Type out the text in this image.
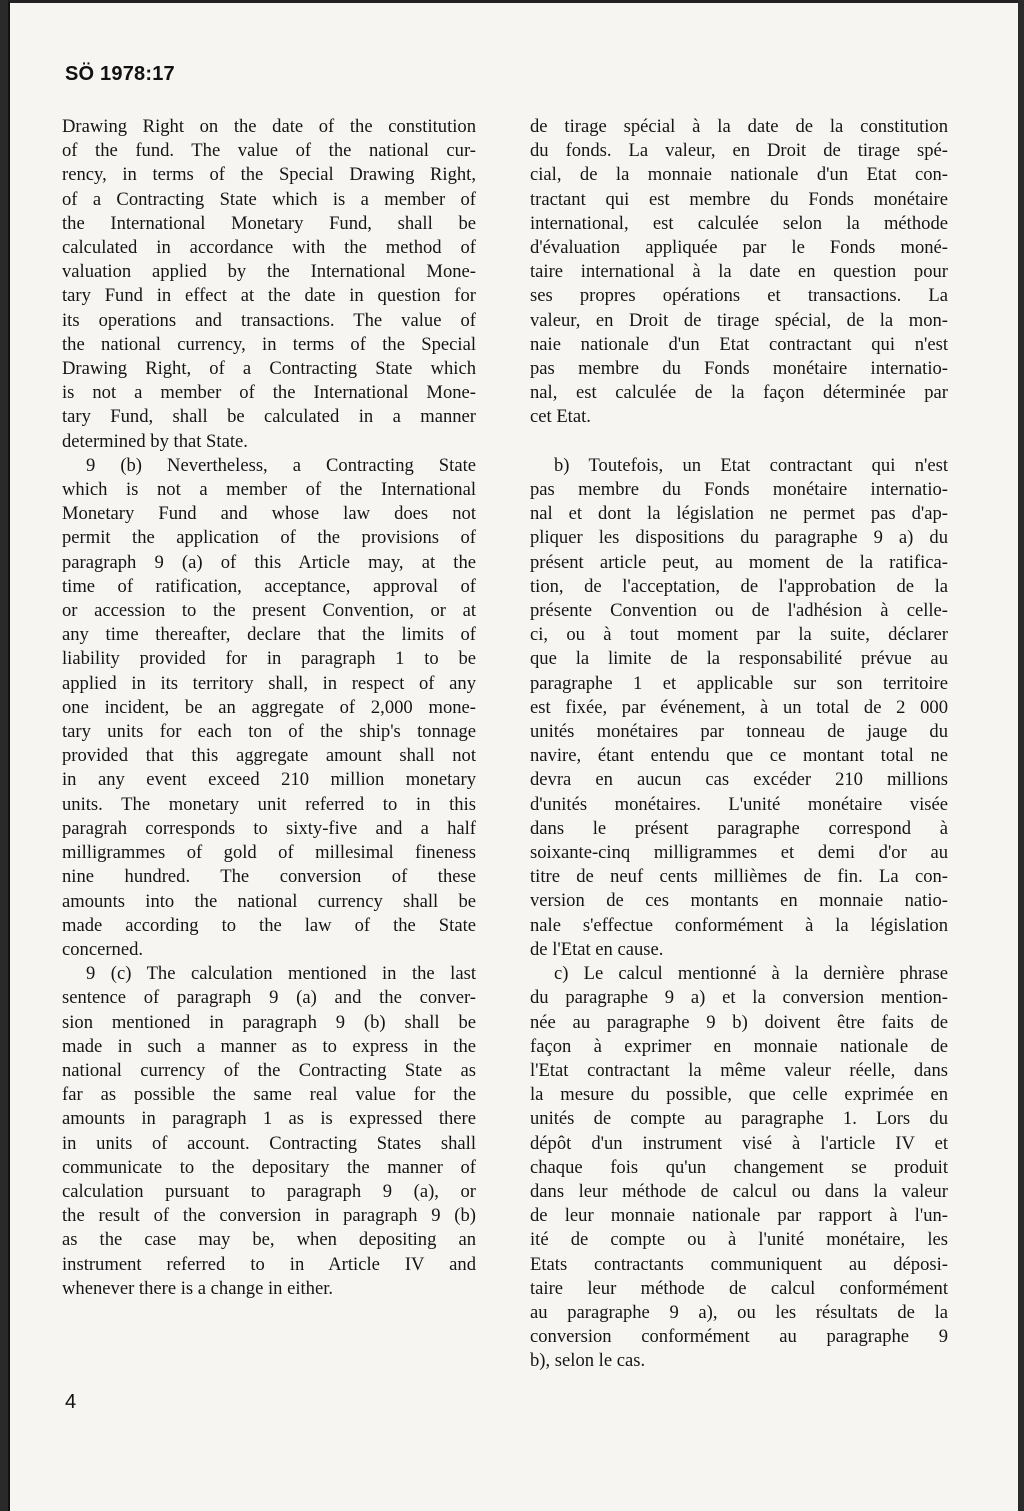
SÖ 1978:17
Drawing Right on the date of the constitution
of the fund. The value of the national cur-
rency, in terms of the Special Drawing Right,
of a Contracting State which is a member of
the International Monetary Fund, shall be
calculated in accordance with the method of
valuation applied by the International Mone-
tary Fund in effect at the date in question for
its operations and transactions. The value of
the national currency, in terms of the Special
Drawing Right, of a Contracting State which
is not a member of the International Mone-
tary Fund, shall be calculated in a manner
determined by that State.
9 (b) Nevertheless, a Contracting State
which is not a member of the International
Monetary Fund and whose law does not
permit the application of the provisions of
paragraph 9 (a) of this Article may, at the
time of ratification, acceptance, approval of
or accession to the present Convention, or at
any time thereafter, declare that the limits of
liability provided for in paragraph 1 to be
applied in its territory shall, in respect of any
one incident, be an aggregate of 2,000 mone-
tary units for each ton of the ship's tonnage
provided that this aggregate amount shall not
in any event exceed 210 million monetary
units. The monetary unit referred to in this
paragrah corresponds to sixty-five and a half
milligrammes of gold of millesimal fineness
nine hundred. The conversion of these
amounts into the national currency shall be
made according to the law of the State
concerned.
9 (c) The calculation mentioned in the last
sentence of paragraph 9 (a) and the conver-
sion mentioned in paragraph 9 (b) shall be
made in such a manner as to express in the
national currency of the Contracting State as
far as possible the same real value for the
amounts in paragraph 1 as is expressed there
in units of account. Contracting States shall
communicate to the depositary the manner of
calculation pursuant to paragraph 9 (a), or
the result of the conversion in paragraph 9 (b)
as the case may be, when depositing an
instrument referred to in Article IV and
whenever there is a change in either.
de tirage spécial à la date de la constitution
du fonds. La valeur, en Droit de tirage spé-
cial, de la monnaie nationale d'un Etat con-
tractant qui est membre du Fonds monétaire
international, est calculée selon la méthode
d'évaluation appliquée par le Fonds moné-
taire international à la date en question pour
ses propres opérations et transactions. La
valeur, en Droit de tirage spécial, de la mon-
naie nationale d'un Etat contractant qui n'est
pas membre du Fonds monétaire internatio-
nal, est calculée de la façon déterminée par
cet Etat.
b) Toutefois, un Etat contractant qui n'est
pas membre du Fonds monétaire internatio-
nal et dont la législation ne permet pas d'ap-
pliquer les dispositions du paragraphe 9 a) du
présent article peut, au moment de la ratifica-
tion, de l'acceptation, de l'approbation de la
présente Convention ou de l'adhésion à celle-
ci, ou à tout moment par la suite, déclarer
que la limite de la responsabilité prévue au
paragraphe 1 et applicable sur son territoire
est fixée, par événement, à un total de 2 000
unités monétaires par tonneau de jauge du
navire, étant entendu que ce montant total ne
devra en aucun cas excéder 210 millions
d'unités monétaires. L'unité monétaire visée
dans le présent paragraphe correspond à
soixante-cinq milligrammes et demi d'or au
titre de neuf cents millièmes de fin. La con-
version de ces montants en monnaie natio-
nale s'effectue conformément à la législation
de l'Etat en cause.
c) Le calcul mentionné à la dernière phrase
du paragraphe 9 a) et la conversion mention-
née au paragraphe 9 b) doivent être faits de
façon à exprimer en monnaie nationale de
l'Etat contractant la même valeur réelle, dans
la mesure du possible, que celle exprimée en
unités de compte au paragraphe 1. Lors du
dépôt d'un instrument visé à l'article IV et
chaque fois qu'un changement se produit
dans leur méthode de calcul ou dans la valeur
de leur monnaie nationale par rapport à l'un-
ité de compte ou à l'unité monétaire, les
Etats contractants communiquent au déposi-
taire leur méthode de calcul conformément
au paragraphe 9 a), ou les résultats de la
conversion conformément au paragraphe 9
b), selon le cas.
4
